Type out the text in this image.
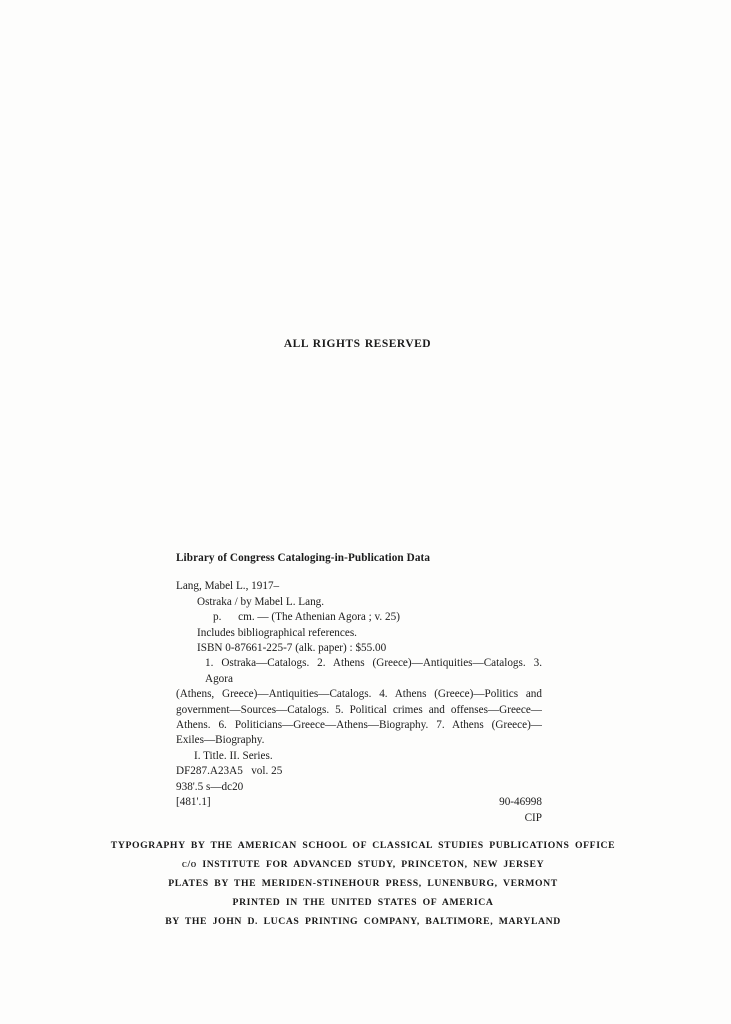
ALL RIGHTS RESERVED
Library of Congress Cataloging-in-Publication Data
Lang, Mabel L., 1917–
Ostraka / by Mabel L. Lang.
p.      cm. — (The Athenian Agora ; v. 25)
Includes bibliographical references.
ISBN 0-87661-225-7 (alk. paper) : $55.00
1. Ostraka—Catalogs. 2. Athens (Greece)—Antiquities—Catalogs. 3. Agora
(Athens, Greece)—Antiquities—Catalogs. 4. Athens (Greece)—Politics and
government—Sources—Catalogs. 5. Political crimes and offenses—Greece—
Athens. 6. Politicians—Greece—Athens—Biography. 7. Athens (Greece)—
Exiles—Biography.
I. Title. II. Series.
DF287.A23A5   vol. 25
938'.5 s—dc20
[481'.1]	90-46998
CIP
TYPOGRAPHY BY THE AMERICAN SCHOOL OF CLASSICAL STUDIES PUBLICATIONS OFFICE
c/o INSTITUTE FOR ADVANCED STUDY, PRINCETON, NEW JERSEY
PLATES BY THE MERIDEN-STINEHOUR PRESS, LUNENBURG, VERMONT
PRINTED IN THE UNITED STATES OF AMERICA
BY THE JOHN D. LUCAS PRINTING COMPANY, BALTIMORE, MARYLAND
